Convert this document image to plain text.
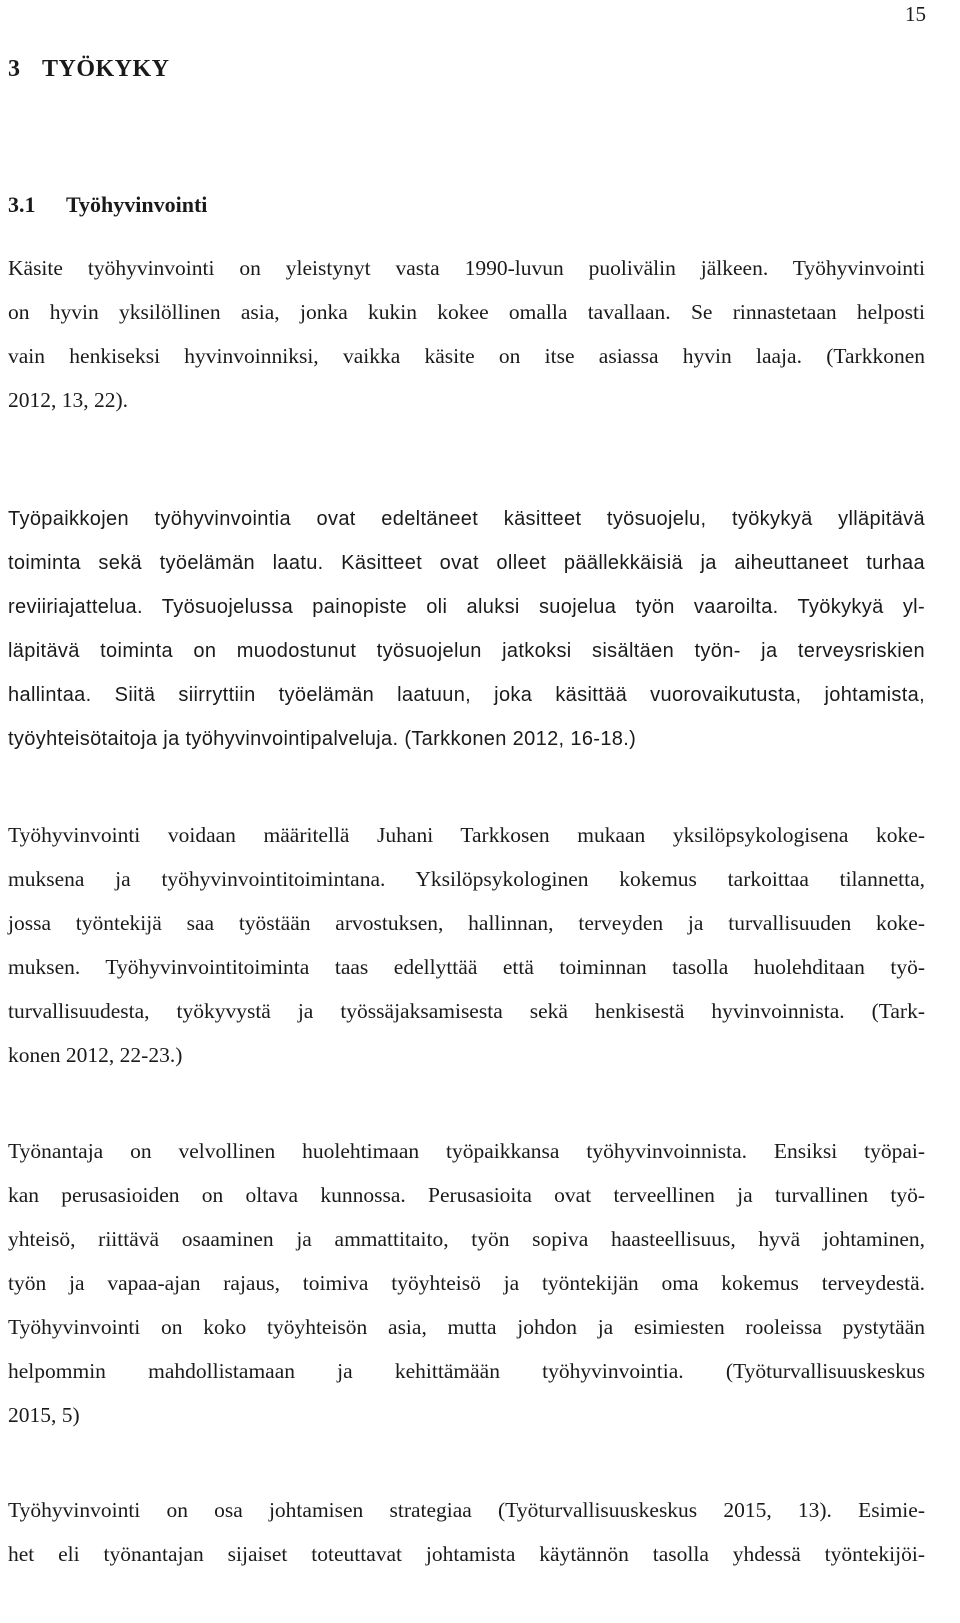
15
3 TYÖKYKY
3.1 Työhyvinvointi
Käsite työhyvinvointi on yleistynyt vasta 1990-luvun puolivälin jälkeen. Työhyvinvointi
on hyvin yksilöllinen asia, jonka kukin kokee omalla tavallaan. Se rinnastetaan helposti
vain henkiseksi hyvinvoinniksi, vaikka käsite on itse asiassa hyvin laaja. (Tarkkonen
2012, 13, 22).
Työpaikkojen työhyvinvointia ovat edeltäneet käsitteet työsuojelu, työkykyä ylläpitävä
toiminta sekä työelämän laatu. Käsitteet ovat olleet päällekkäisiä ja aiheuttaneet turhaa
reviiriajattelua. Työsuojelussa painopiste oli aluksi suojelua työn vaaroilta. Työkykyä yl-
läpitävä toiminta on muodostunut työsuojelun jatkoksi sisältäen työn- ja terveysriskien
hallintaa. Siitä siirryttiin työelämän laatuun, joka käsittää vuorovaikutusta, johtamista,
työyhteisötaitoja ja työhyvinvointipalveluja. (Tarkkonen 2012, 16-18.)
Työhyvinvointi voidaan määritellä Juhani Tarkkosen mukaan yksilöpsykologisena koke-
muksena ja työhyvinvointitoimintana. Yksilöpsykologinen kokemus tarkoittaa tilannetta,
jossa työntekijä saa työstään arvostuksen, hallinnan, terveyden ja turvallisuuden koke-
muksen. Työhyvinvointitoiminta taas edellyttää että toiminnan tasolla huolehditaan työ-
turvallisuudesta, työkyvystä ja työssäjaksamisesta sekä henkisestä hyvinvoinnista. (Tark-
konen 2012, 22-23.)
Työnantaja on velvollinen huolehtimaan työpaikkansa työhyvinvoinnista. Ensiksi työpai-
kan perusasioiden on oltava kunnossa. Perusasioita ovat terveellinen ja turvallinen työ-
yhteisö, riittävä osaaminen ja ammattitaito, työn sopiva haasteellisuus, hyvä johtaminen,
työn ja vapaa-ajan rajaus, toimiva työyhteisö ja työntekijän oma kokemus terveydestä.
Työhyvinvointi on koko työyhteisön asia, mutta johdon ja esimiesten rooleissa pystytään
helpommin mahdollistamaan ja kehittämään työhyvinvointia. (Työturvallisuuskeskus
2015, 5)
Työhyvinvointi on osa johtamisen strategiaa (Työturvallisuuskeskus 2015, 13). Esimie-
het eli työnantajan sijaiset toteuttavat johtamista käytännön tasolla yhdessä työntekijöi-
